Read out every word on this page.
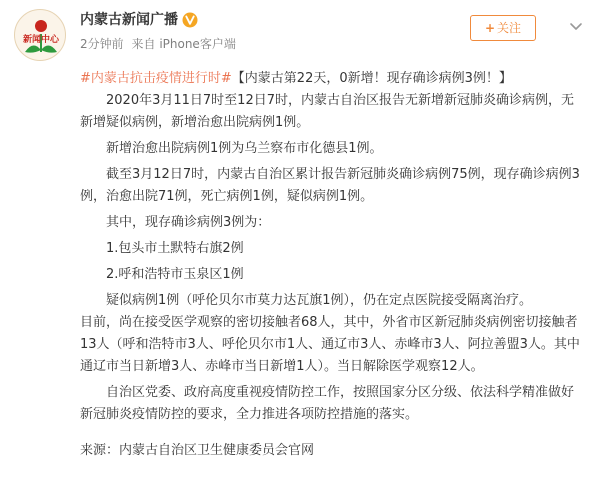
新闻中心
内蒙古新闻广播
2分钟前 来自 iPhone客户端
+ 关注

#内蒙古抗击疫情进行时#【内蒙古第22天，0新增！现存确诊病例3例！】

2020年3月11日7时至12日7时，内蒙古自治区报告无新增新冠肺炎确诊病例，无新增疑似病例，新增治愈出院病例1例。

新增治愈出院病例1例为乌兰察布市化德县1例。

截至3月12日7时，内蒙古自治区累计报告新冠肺炎确诊病例75例，现存确诊病例3例，治愈出院71例，死亡病例1例，疑似病例1例。

其中，现存确诊病例3例为：

1.包头市土默特右旗2例

2.呼和浩特市玉泉区1例

疑似病例1例（呼伦贝尔市莫力达瓦旗1例），仍在定点医院接受隔离治疗。

目前，尚在接受医学观察的密切接触者68人，其中，外省市区新冠肺炎病例密切接触者13人（呼和浩特市3人、呼伦贝尔市1人、通辽市3人、赤峰市3人、阿拉善盟3人。其中通辽市当日新增3人、赤峰市当日新增1人）。当日解除医学观察12人。

自治区党委、政府高度重视疫情防控工作，按照国家分区分级、依法科学精准做好新冠肺炎疫情防控的要求，全力推进各项防控措施的落实。

来源：内蒙古自治区卫生健康委员会官网
